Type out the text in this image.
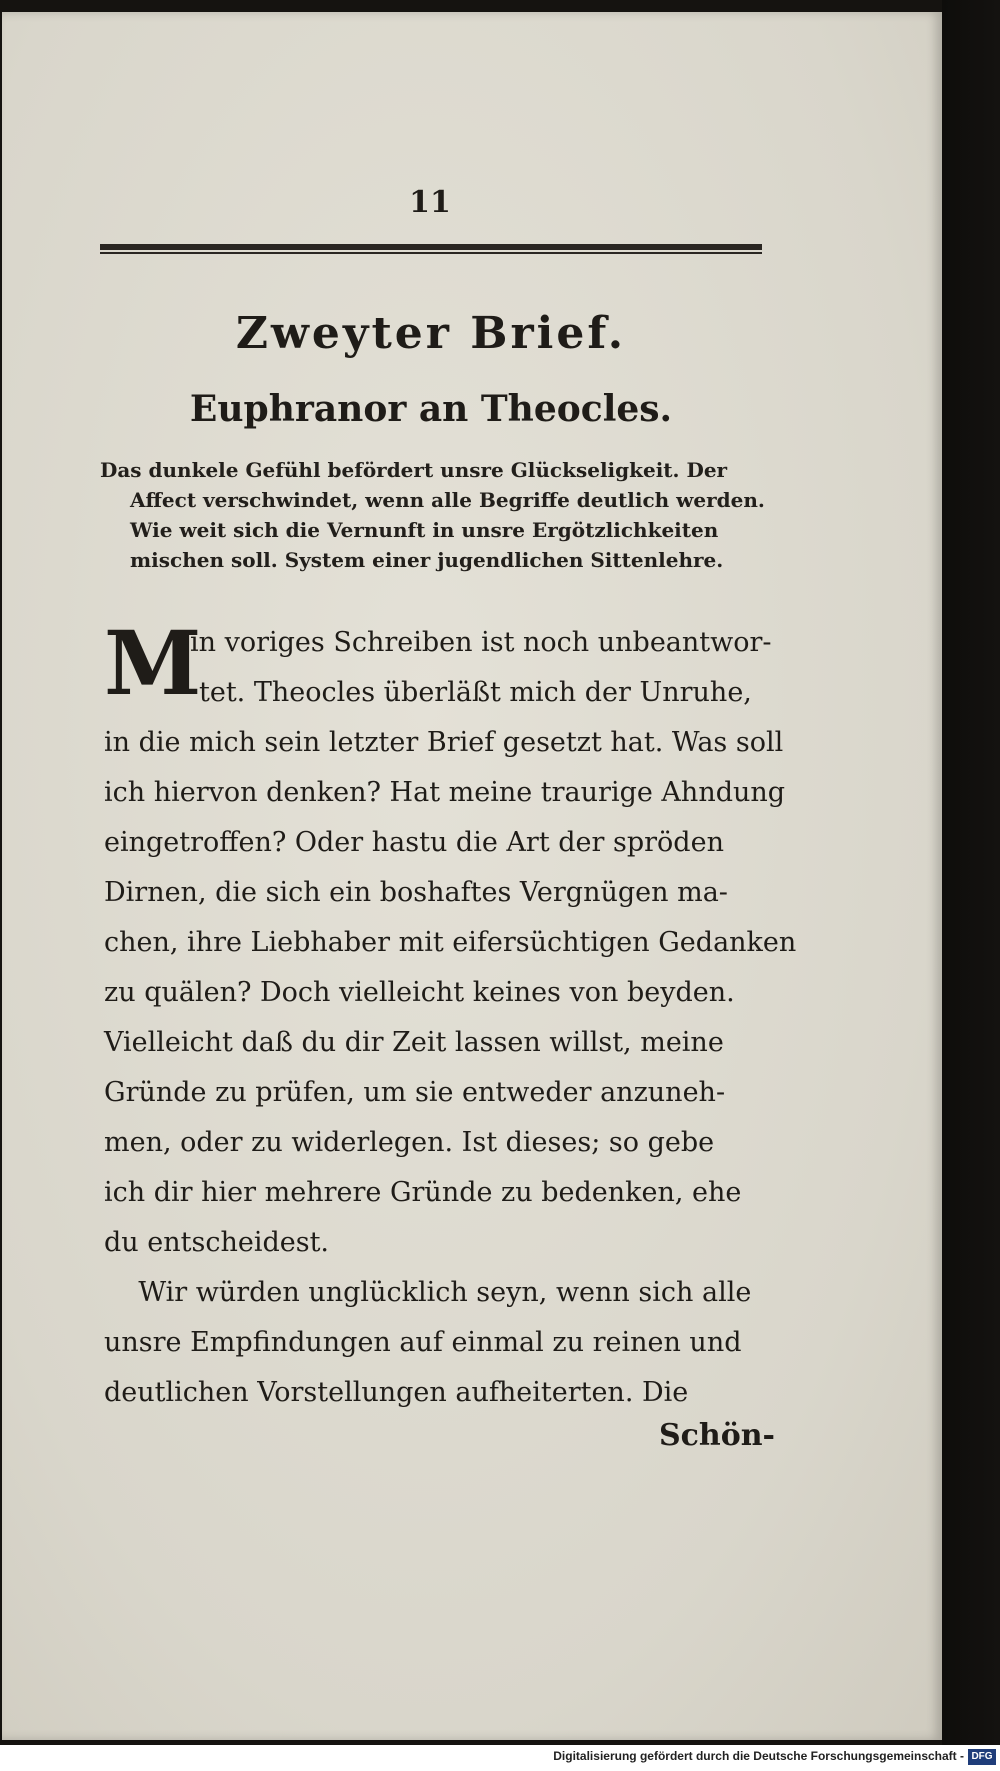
11
Zweyter Brief.
Euphranor an Theocles.
Das dunkele Gefühl befördert unsre Glückseligkeit. Der
Affect verschwindet, wenn alle Begriffe deutlich werden.
Wie weit sich die Vernunft in unsre Ergötzlichkeiten
mischen soll. System einer jugendlichen Sittenlehre.
M
ein voriges Schreiben ist noch unbeantwor-
tet. Theocles überläßt mich der Unruhe,
in die mich sein letzter Brief gesetzt hat. Was soll
ich hiervon denken? Hat meine traurige Ahndung
eingetroffen? Oder hastu die Art der spröden
Dirnen, die sich ein boshaftes Vergnügen ma-
chen, ihre Liebhaber mit eifersüchtigen Gedanken
zu quälen? Doch vielleicht keines von beyden.
Vielleicht daß du dir Zeit lassen willst, meine
Gründe zu prüfen, um sie entweder anzuneh-
men, oder zu widerlegen. Ist dieses; so gebe
ich dir hier mehrere Gründe zu bedenken, ehe
du entscheidest.
Wir würden unglücklich seyn, wenn sich alle
unsre Empfindungen auf einmal zu reinen und
deutlichen Vorstellungen aufheiterten. Die
Schön-
Digitalisierung gefördert durch die Deutsche Forschungsgemeinschaft - DFG
